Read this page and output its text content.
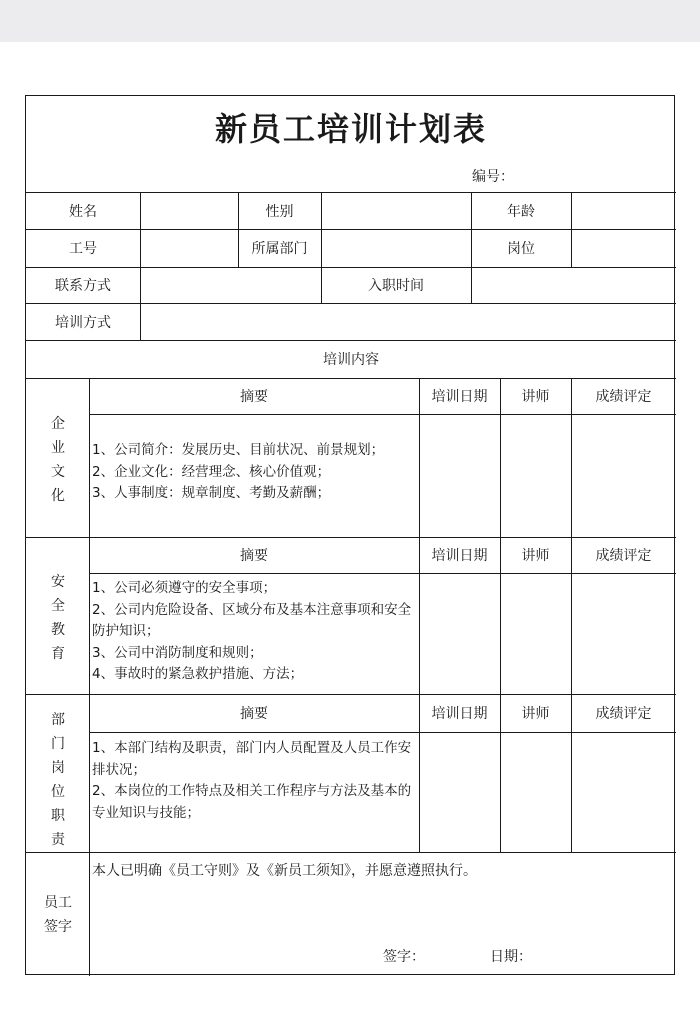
新员工培训计划表
编号：
姓名	性别	年龄
工号	所属部门	岗位
联系方式	入职时间
培训方式
培训内容
企
业
文
化
摘要	培训日期	讲师	成绩评定
1、公司简介：发展历史、目前状况、前景规划；
2、企业文化：经营理念、核心价值观；
3、人事制度：规章制度、考勤及薪酬；
安
全
教
育
摘要	培训日期	讲师	成绩评定
1、公司必须遵守的安全事项；
2、公司内危险设备、区域分布及基本注意事项和安全防护知识；
3、公司中消防制度和规则；
4、事故时的紧急救护措施、方法；
部
门
岗
位
职
责
摘要	培训日期	讲师	成绩评定
1、本部门结构及职责，部门内人员配置及人员工作安排状况；
2、本岗位的工作特点及相关工作程序与方法及基本的专业知识与技能；
员工
签字
本人已明确《员工守则》及《新员工须知》，并愿意遵照执行。
签字：	日期：
